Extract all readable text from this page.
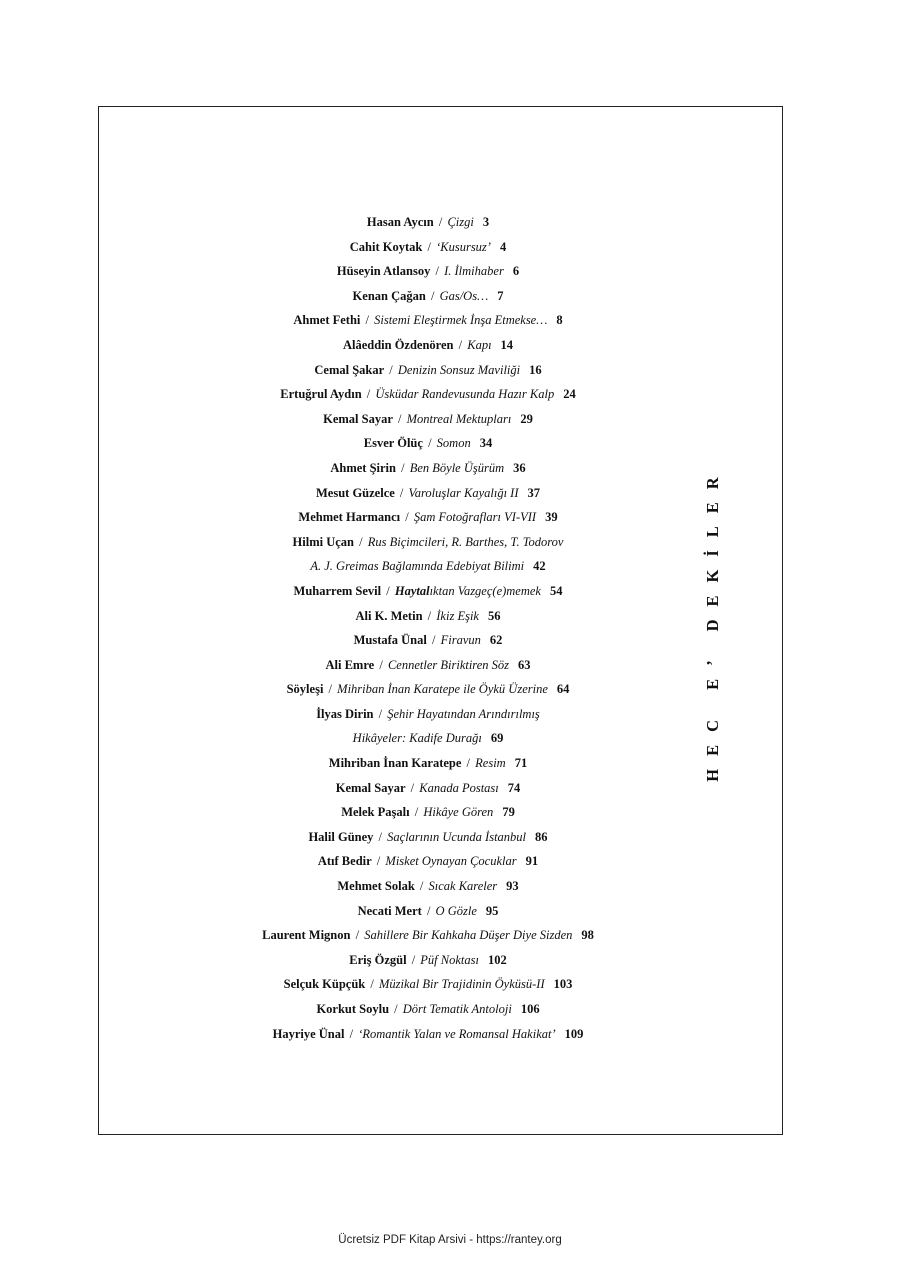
Hasan Aycın / Çizgi 3
Cahit Koytak / ‘Kusursuz’ 4
Hüseyin Atlansoy / I. İlmihaber 6
Kenan Çağan / Gas/Os… 7
Ahmet Fethi / Sistemi Eleştirmek İnşa Etmekse… 8
Alâeddin Özdenören / Kapı 14
Cemal Şakar / Denizin Sonsuz Maviliği 16
Ertuğrul Aydın / Üsküdar Randevusunda Hazır Kalp 24
Kemal Sayar / Montreal Mektupları 29
Esver Ölüç / Somon 34
Ahmet Şirin / Ben Böyle Üşürüm 36
Mesut Güzelce / Varoluşlar Kayalığı II 37
Mehmet Harmancı / Şam Fotoğrafları VI-VII 39
Hilmi Uçan / Rus Biçimcileri, R. Barthes, T. Todorov
A. J. Greimas Bağlamında Edebiyat Bilimi 42
Muharrem Sevil / Haytalıktan Vazgeç(e)memek 54
Ali K. Metin / İkiz Eşik 56
Mustafa Ünal / Firavun 62
Ali Emre / Cennetler Biriktiren Söz 63
Söyleşi / Mihriban İnan Karatepe ile Öykü Üzerine 64
İlyas Dirin / Şehir Hayatından Arındırılmış
Hikâyeler: Kadife Durağı 69
Mihriban İnan Karatepe / Resim 71
Kemal Sayar / Kanada Postası 74
Melek Paşalı / Hikâye Gören 79
Halil Güney / Saçlarının Ucunda İstanbul 86
Atıf Bedir / Misket Oynayan Çocuklar 91
Mehmet Solak / Sıcak Kareler 93
Necati Mert / O Gözle 95
Laurent Mignon / Sahillere Bir Kahkaha Düşer Diye Sizden 98
Eriş Özgül / Püf Noktası 102
Selçuk Küpçük / Müzikal Bir Trajidinin Öyküsü-II 103
Korkut Soylu / Dört Tematik Antoloji 106
Hayriye Ünal / ‘Romantik Yalan ve Romansal Hakikat’ 109
HEC E’ DEKİLER
Ücretsiz PDF Kitap Arsivi - https://rantey.org
